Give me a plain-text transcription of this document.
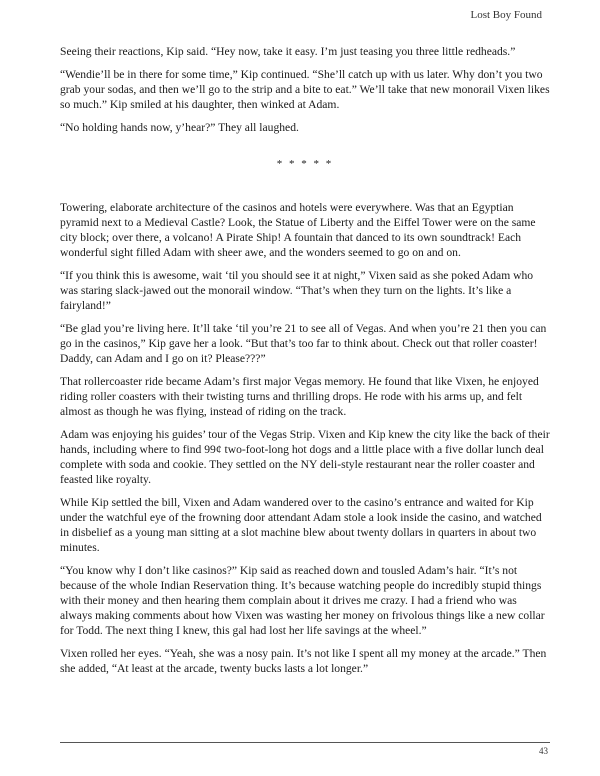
Lost Boy Found

Seeing their reactions, Kip said. “Hey now, take it easy. I’m just teasing you three little redheads.”

“Wendie’ll be in there for some time,” Kip continued. “She’ll catch up with us later. Why don’t you two grab your sodas, and then we’ll go to the strip and a bite to eat.” We’ll take that new monorail Vixen likes so much.” Kip smiled at his daughter, then winked at Adam.

“No holding hands now, y’hear?” They all laughed.

* * * * *

Towering, elaborate architecture of the casinos and hotels were everywhere. Was that an Egyptian pyramid next to a Medieval Castle? Look, the Statue of Liberty and the Eiffel Tower were on the same city block; over there, a volcano! A Pirate Ship! A fountain that danced to its own soundtrack! Each wonderful sight filled Adam with sheer awe, and the wonders seemed to go on and on.

“If you think this is awesome, wait ‘til you should see it at night,” Vixen said as she poked Adam who was staring slack-jawed out the monorail window. “That’s when they turn on the lights. It’s like a fairyland!”

“Be glad you’re living here. It’ll take ‘til you’re 21 to see all of Vegas. And when you’re 21 then you can go in the casinos,” Kip gave her a look. “But that’s too far to think about. Check out that roller coaster! Daddy, can Adam and I go on it? Please???”

That rollercoaster ride became Adam’s first major Vegas memory. He found that like Vixen, he enjoyed riding roller coasters with their twisting turns and thrilling drops. He rode with his arms up, and felt almost as though he was flying, instead of riding on the track.

Adam was enjoying his guides’ tour of the Vegas Strip. Vixen and Kip knew the city like the back of their hands, including where to find 99¢ two-foot-long hot dogs and a little place with a five dollar lunch deal complete with soda and cookie. They settled on the NY deli-style restaurant near the roller coaster and feasted like royalty.

While Kip settled the bill, Vixen and Adam wandered over to the casino’s entrance and waited for Kip under the watchful eye of the frowning door attendant Adam stole a look inside the casino, and watched in disbelief as a young man sitting at a slot machine blew about twenty dollars in quarters in about two minutes.

“You know why I don’t like casinos?” Kip said as reached down and tousled Adam’s hair. “It’s not because of the whole Indian Reservation thing. It’s because watching people do incredibly stupid things with their money and then hearing them complain about it drives me crazy. I had a friend who was always making comments about how Vixen was wasting her money on frivolous things like a new collar for Todd. The next thing I knew, this gal had lost her life savings at the wheel.”

Vixen rolled her eyes. “Yeah, she was a nosy pain. It’s not like I spent all my money at the arcade.” Then she added, “At least at the arcade, twenty bucks lasts a lot longer.”

43
